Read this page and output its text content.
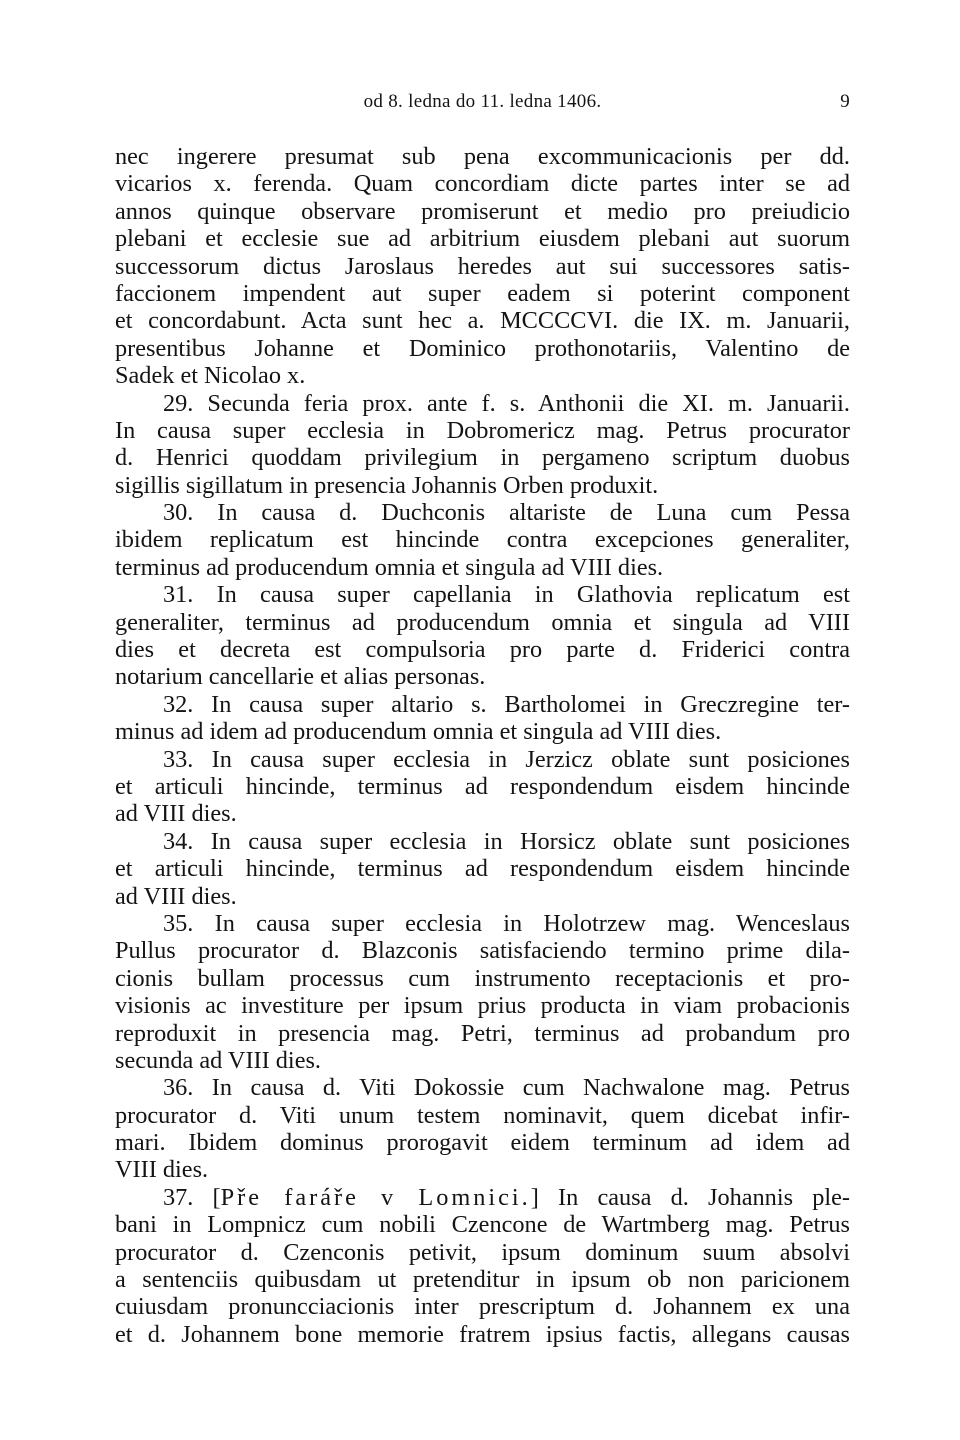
od 8. ledna do 11. ledna 1406.	9
nec ingerere presumat sub pena excommunicacionis per dd.
vicarios x. ferenda. Quam concordiam dicte partes inter se ad
annos quinque observare promiserunt et medio pro preiudicio
plebani et ecclesie sue ad arbitrium eiusdem plebani aut suorum
successorum dictus Jaroslaus heredes aut sui successores satis-
faccionem impendent aut super eadem si poterint component
et concordabunt. Acta sunt hec a. MCCCCVI. die IX. m. Januarii,
presentibus Johanne et Dominico prothonotariis, Valentino de
Sadek et Nicolao x.
29. Secunda feria prox. ante f. s. Anthonii die XI. m. Januarii.
In causa super ecclesia in Dobromericz mag. Petrus procurator
d. Henrici quoddam privilegium in pergameno scriptum duobus
sigillis sigillatum in presencia Johannis Orben produxit.
30. In causa d. Duchconis altariste de Luna cum Pessa
ibidem replicatum est hincinde contra excepciones generaliter,
terminus ad producendum omnia et singula ad VIII dies.
31. In causa super capellania in Glathovia replicatum est
generaliter, terminus ad producendum omnia et singula ad VIII
dies et decreta est compulsoria pro parte d. Friderici contra
notarium cancellarie et alias personas.
32. In causa super altario s. Bartholomei in Greczregine ter-
minus ad idem ad producendum omnia et singula ad VIII dies.
33. In causa super ecclesia in Jerzicz oblate sunt posiciones
et articuli hincinde, terminus ad respondendum eisdem hincinde
ad VIII dies.
34. In causa super ecclesia in Horsicz oblate sunt posiciones
et articuli hincinde, terminus ad respondendum eisdem hincinde
ad VIII dies.
35. In causa super ecclesia in Holotrzew mag. Wenceslaus
Pullus procurator d. Blazconis satisfaciendo termino prime dila-
cionis bullam processus cum instrumento receptacionis et pro-
visionis ac investiture per ipsum prius producta in viam probacionis
reproduxit in presencia mag. Petri, terminus ad probandum pro
secunda ad VIII dies.
36. In causa d. Viti Dokossie cum Nachwalone mag. Petrus
procurator d. Viti unum testem nominavit, quem dicebat infir-
mari. Ibidem dominus prorogavit eidem terminum ad idem ad
VIII dies.
37. [Pře faráře v Lomnici.] In causa d. Johannis ple-
bani in Lompnicz cum nobili Czencone de Wartmberg mag. Petrus
procurator d. Czenconis petivit, ipsum dominum suum absolvi
a sentenciis quibusdam ut pretenditur in ipsum ob non paricionem
cuiusdam pronuncciacionis inter prescriptum d. Johannem ex una
et d. Johannem bone memorie fratrem ipsius factis, allegans causas
